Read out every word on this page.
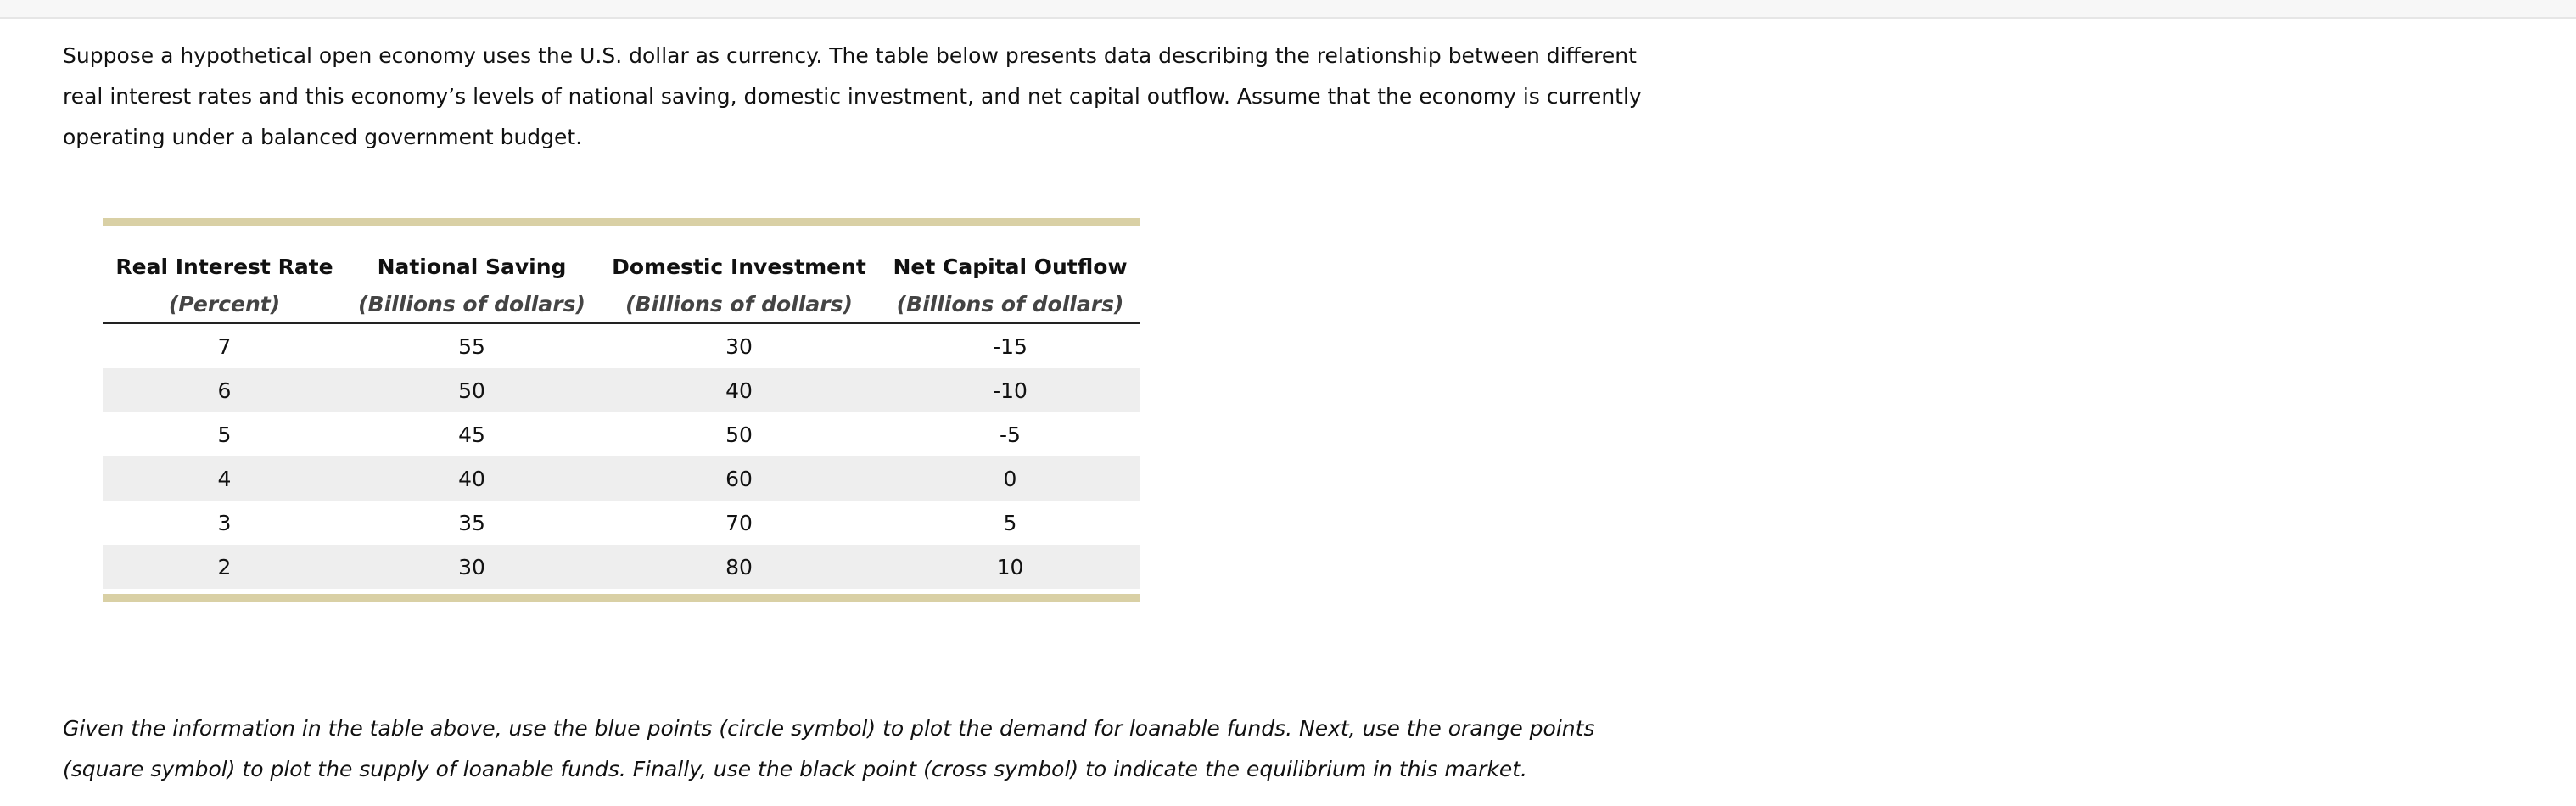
Suppose a hypothetical open economy uses the U.S. dollar as currency. The table below presents data describing the relationship between different real interest rates and this economy’s levels of national saving, domestic investment, and net capital outflow. Assume that the economy is currently operating under a balanced government budget.

Real Interest Rate	National Saving	Domestic Investment	Net Capital Outflow
(Percent)	(Billions of dollars)	(Billions of dollars)	(Billions of dollars)
7	55	30	-15
6	50	40	-10
5	45	50	-5
4	40	60	0
3	35	70	5
2	30	80	10

Given the information in the table above, use the blue points (circle symbol) to plot the demand for loanable funds. Next, use the orange points (square symbol) to plot the supply of loanable funds. Finally, use the black point (cross symbol) to indicate the equilibrium in this market.
